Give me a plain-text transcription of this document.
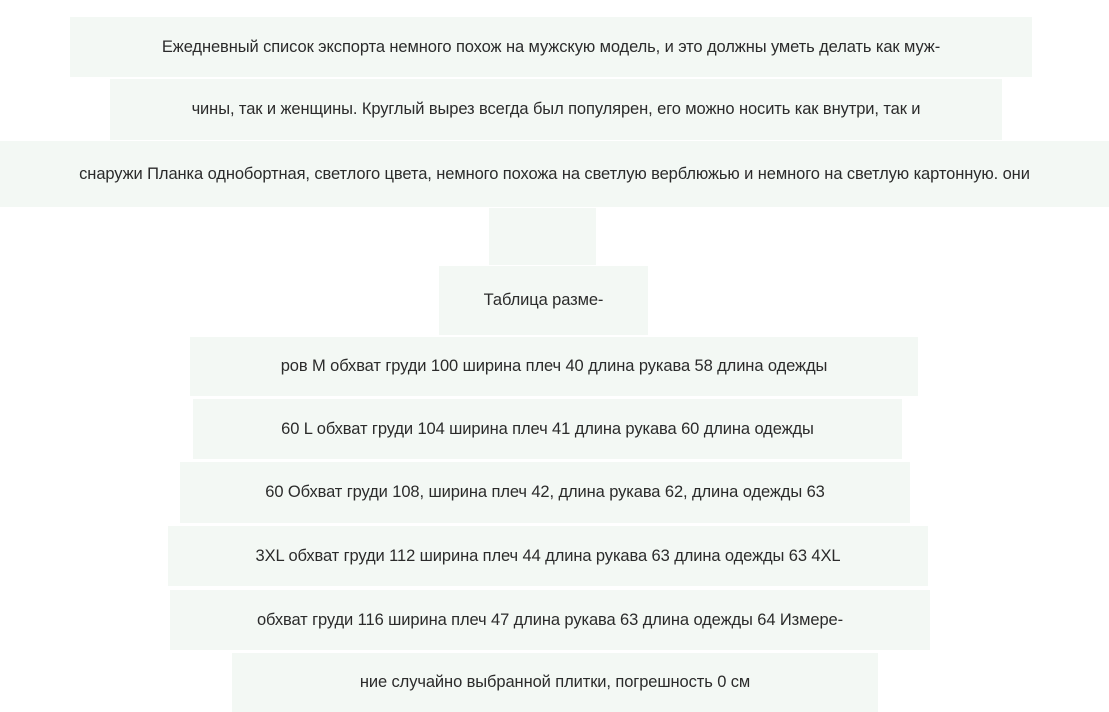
Ежедневный список экспорта немного похож на мужскую модель, и это должны уметь делать как муж-
чины, так и женщины. Круглый вырез всегда был популярен, его можно носить как внутри, так и
снаружи Планка однобортная, светлого цвета, немного похожа на светлую верблюжью и немного на светлую картонную. они
Таблица разме-
ров M обхват груди 100 ширина плеч 40 длина рукава 58 длина одежды
60 L обхват груди 104 ширина плеч 41 длина рукава 60 длина одежды
60 Обхват груди 108, ширина плеч 42, длина рукава 62, длина одежды 63
3XL обхват груди 112 ширина плеч 44 длина рукава 63 длина одежды 63 4XL
обхват груди 116 ширина плеч 47 длина рукава 63 длина одежды 64 Измере-
ние случайно выбранной плитки, погрешность 0 см
